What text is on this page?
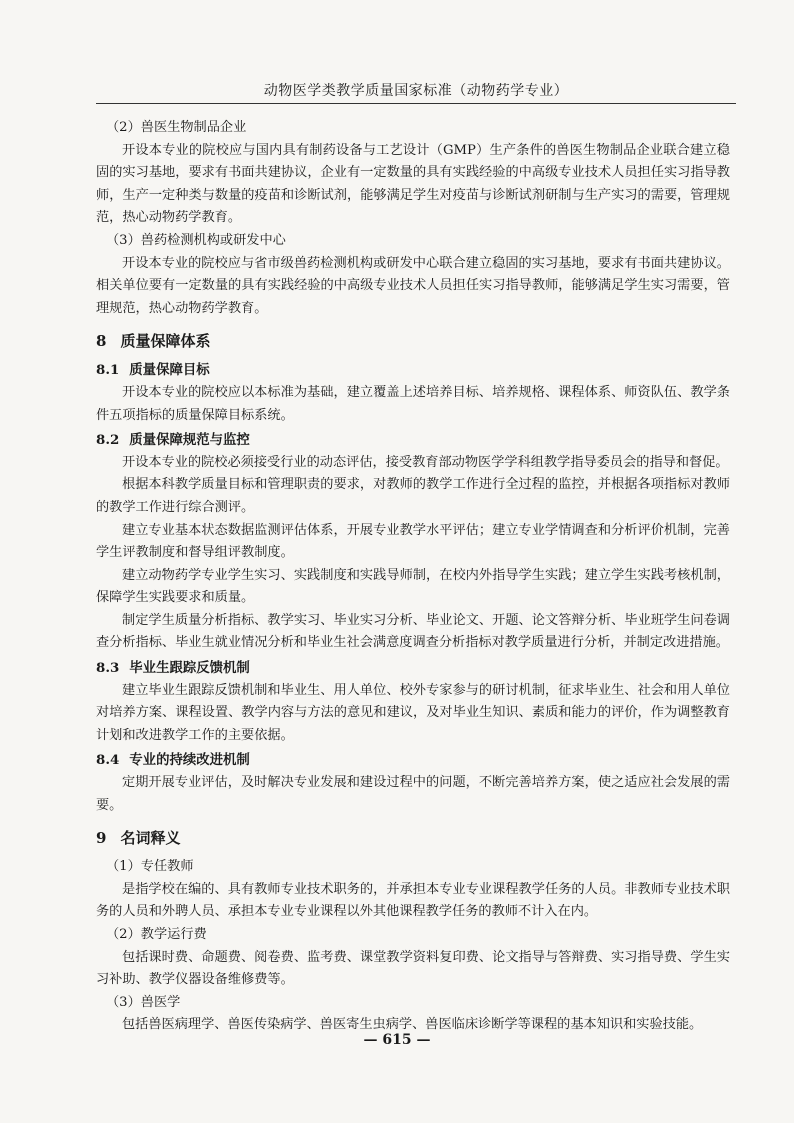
动物医学类教学质量国家标准（动物药学专业）

（2）兽医生物制品企业

开设本专业的院校应与国内具有制药设备与工艺设计（GMP）生产条件的兽医生物制品企业联合建立稳固的实习基地，要求有书面共建协议，企业有一定数量的具有实践经验的中高级专业技术人员担任实习指导教师，生产一定种类与数量的疫苗和诊断试剂，能够满足学生对疫苗与诊断试剂研制与生产实习的需要，管理规范，热心动物药学教育。

（3）兽药检测机构或研发中心

开设本专业的院校应与省市级兽药检测机构或研发中心联合建立稳固的实习基地，要求有书面共建协议。相关单位要有一定数量的具有实践经验的中高级专业技术人员担任实习指导教师，能够满足学生实习需要，管理规范，热心动物药学教育。

8 质量保障体系
8.1 质量保障目标

开设本专业的院校应以本标准为基础，建立覆盖上述培养目标、培养规格、课程体系、师资队伍、教学条件五项指标的质量保障目标系统。

8.2 质量保障规范与监控

开设本专业的院校必须接受行业的动态评估，接受教育部动物医学学科组教学指导委员会的指导和督促。

根据本科教学质量目标和管理职责的要求，对教师的教学工作进行全过程的监控，并根据各项指标对教师的教学工作进行综合测评。

建立专业基本状态数据监测评估体系，开展专业教学水平评估；建立专业学情调查和分析评价机制，完善学生评教制度和督导组评教制度。

建立动物药学专业学生实习、实践制度和实践导师制，在校内外指导学生实践；建立学生实践考核机制，保障学生实践要求和质量。

制定学生质量分析指标、教学实习、毕业实习分析、毕业论文、开题、论文答辩分析、毕业班学生问卷调查分析指标、毕业生就业情况分析和毕业生社会满意度调查分析指标对教学质量进行分析，并制定改进措施。

8.3 毕业生跟踪反馈机制

建立毕业生跟踪反馈机制和毕业生、用人单位、校外专家参与的研讨机制，征求毕业生、社会和用人单位对培养方案、课程设置、教学内容与方法的意见和建议，及对毕业生知识、素质和能力的评价，作为调整教育计划和改进教学工作的主要依据。

8.4 专业的持续改进机制

定期开展专业评估，及时解决专业发展和建设过程中的问题，不断完善培养方案，使之适应社会发展的需要。

9 名词释义

（1）专任教师

是指学校在编的、具有教师专业技术职务的，并承担本专业专业课程教学任务的人员。非教师专业技术职务的人员和外聘人员、承担本专业专业课程以外其他课程教学任务的教师不计入在内。

（2）教学运行费

包括课时费、命题费、阅卷费、监考费、课堂教学资料复印费、论文指导与答辩费、实习指导费、学生实习补助、教学仪器设备维修费等。

（3）兽医学

包括兽医病理学、兽医传染病学、兽医寄生虫病学、兽医临床诊断学等课程的基本知识和实验技能。

— 615 —
